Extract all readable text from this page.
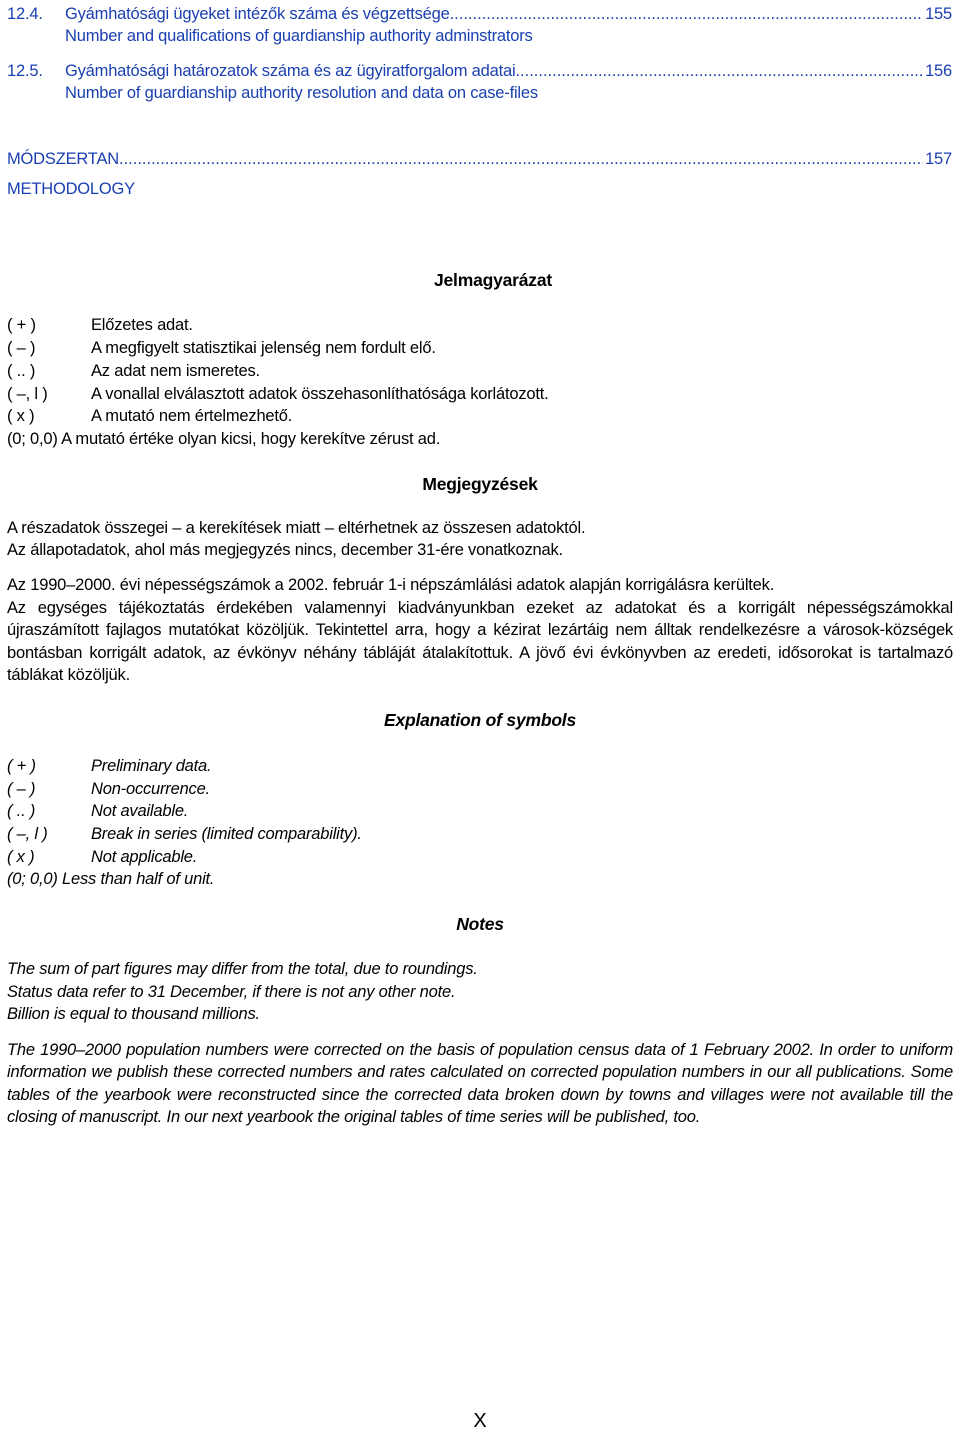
12.4.	Gyámhatósági ügyeket intézők száma és végzettsége .....	155
Number and qualifications of guardianship authority adminstrators
12.5.	Gyámhatósági határozatok száma és az ügyiratforgalom adatai .....	156
Number of guardianship authority resolution and data on case-files
MÓDSZERTAN .....	157
METHODOLOGY
Jelmagyarázat
( + )	Előzetes adat.
( – )	A megfigyelt statisztikai jelenség nem fordult elő.
( .. )	Az adat nem ismeretes.
( –, l )	A vonallal elválasztott adatok összehasonlíthatósága korlátozott.
( x )	A mutató nem értelmezhető.
(0; 0,0) A mutató értéke olyan kicsi, hogy kerekítve zérust ad.
Megjegyzések
A részadatok összegei – a kerekítések miatt – eltérhetnek az összesen adatoktól.
Az állapotadatok, ahol más megjegyzés nincs, december 31-ére vonatkoznak.
Az 1990–2000. évi népességszámok a 2002. február 1-i népszámlálási adatok alapján korrigálásra kerültek.
Az egységes tájékoztatás érdekében valamennyi kiadványunkban ezeket az adatokat és a korrigált népességszámokkal újraszámított fajlagos mutatókat közöljük. Tekintettel arra, hogy a kézirat lezártáig nem álltak rendelkezésre a városok-községek bontásban korrigált adatok, az évkönyv néhány tábláját átalakítottuk. A jövő évi évkönyvben az eredeti, idősorokat is tartalmazó táblákat közöljük.
Explanation of symbols
( + )	Preliminary data.
( – )	Non-occurrence.
( .. )	Not available.
( –, l )	Break in series (limited comparability).
( x )	Not applicable.
(0; 0,0) Less than half of unit.
Notes
The sum of part figures may differ from the total, due to roundings.
Status data refer to 31 December, if there is not any other note.
Billion is equal to thousand millions.
The 1990–2000 population numbers were corrected on the basis of population census data of 1 February 2002. In order to uniform information we publish these corrected numbers and rates calculated on corrected population numbers in our all publications. Some tables of the yearbook were reconstructed since the corrected data broken down by towns and villages were not available till the closing of manuscript. In our next yearbook the original tables of time series will be published, too.
X
